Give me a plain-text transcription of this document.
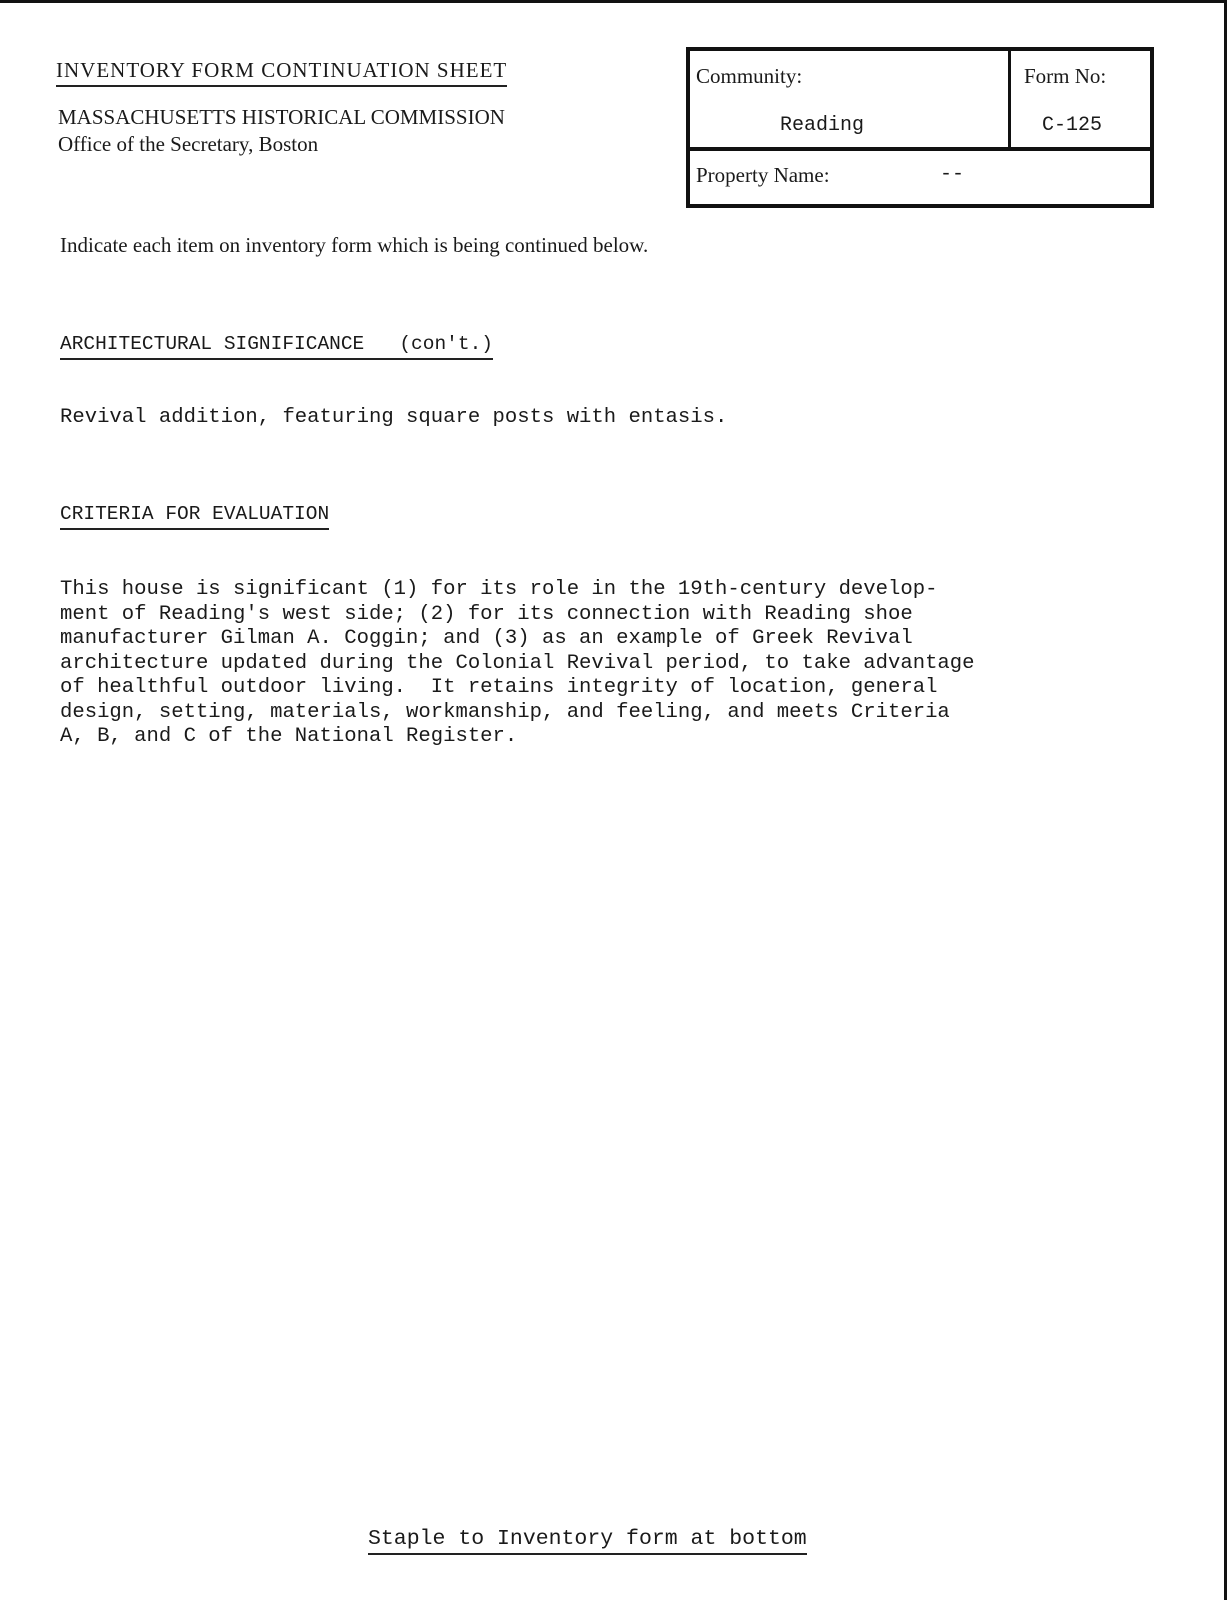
INVENTORY FORM CONTINUATION SHEET
MASSACHUSETTS HISTORICAL COMMISSION
Office of the Secretary, Boston
Community:
Reading
Form No:
C-125
Property Name:	--
Indicate each item on inventory form which is being continued below.
ARCHITECTURAL SIGNIFICANCE   (con't.)
Revival addition, featuring square posts with entasis.
CRITERIA FOR EVALUATION
This house is significant (1) for its role in the 19th-century develop-
ment of Reading's west side; (2) for its connection with Reading shoe
manufacturer Gilman A. Coggin; and (3) as an example of Greek Revival
architecture updated during the Colonial Revival period, to take advantage
of healthful outdoor living.  It retains integrity of location, general
design, setting, materials, workmanship, and feeling, and meets Criteria
A, B, and C of the National Register.
Staple to Inventory form at bottom
